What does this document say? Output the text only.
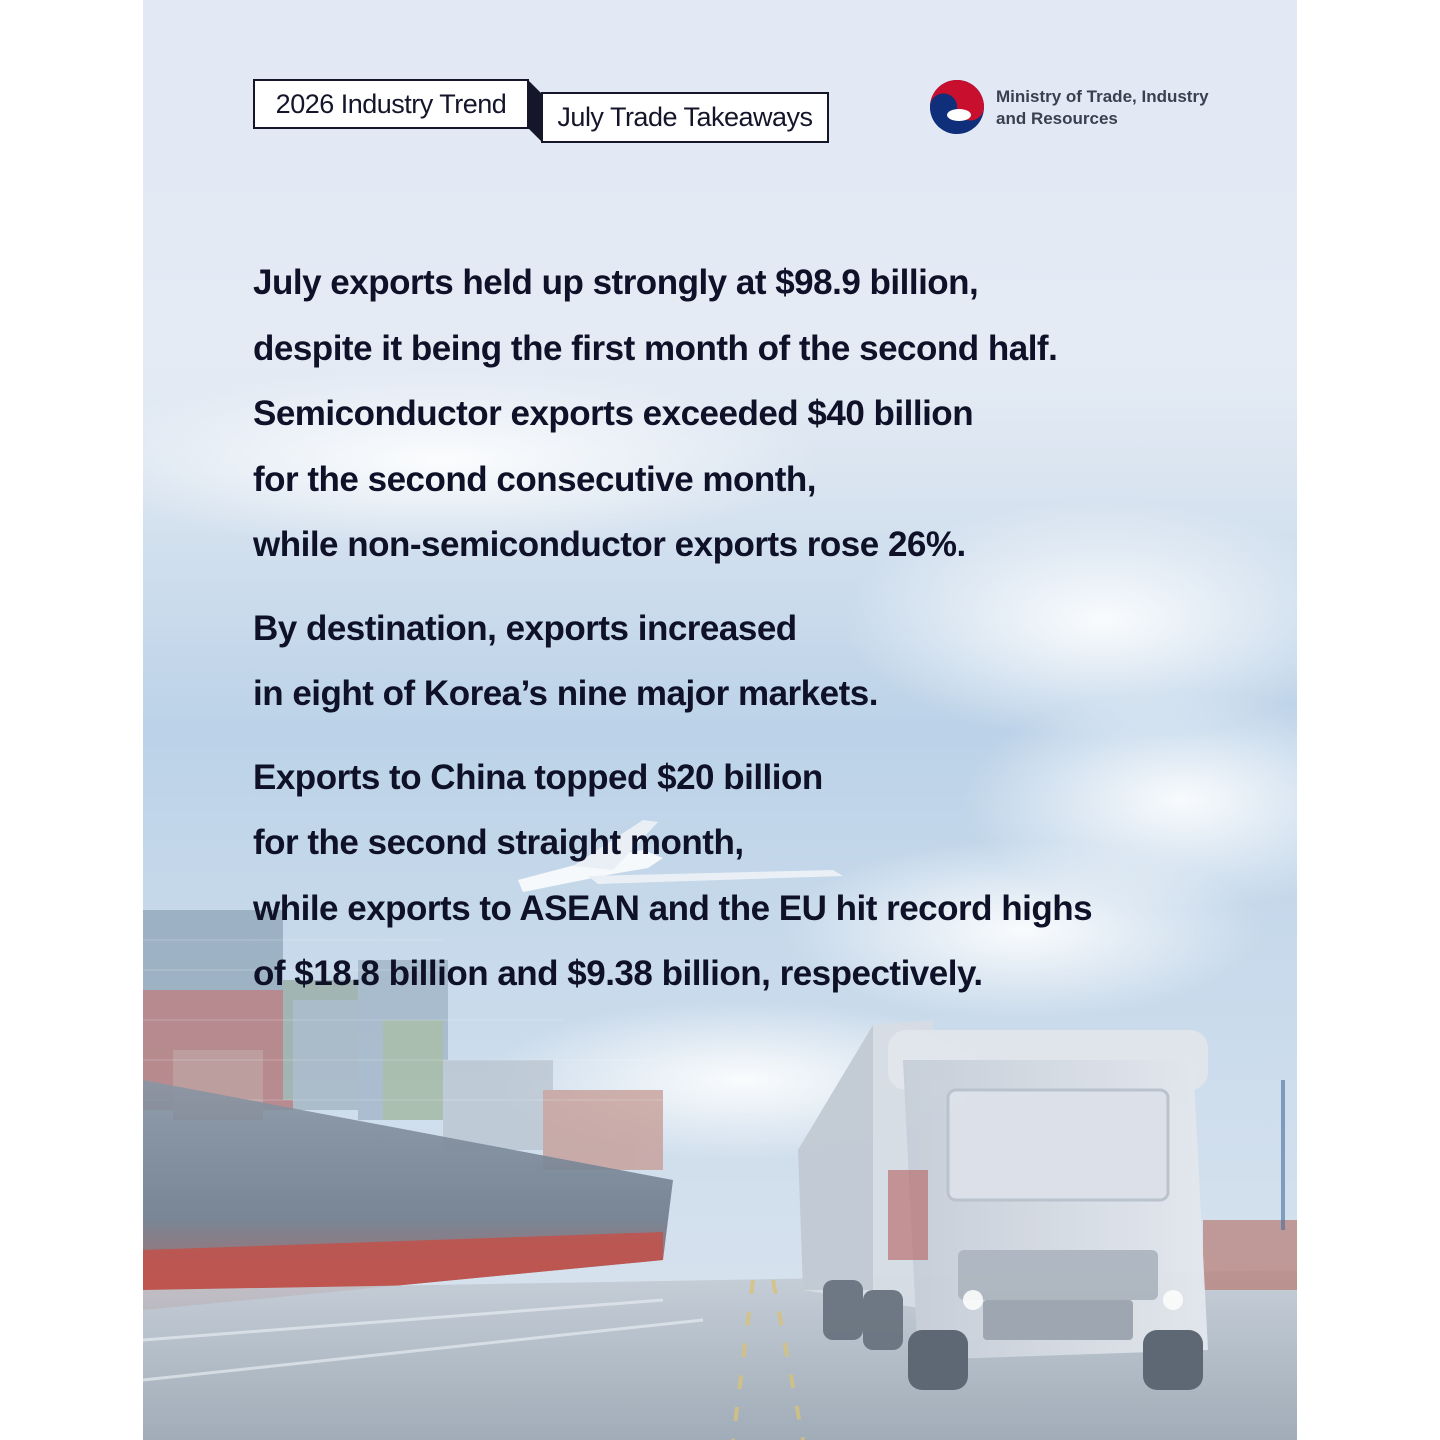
2026 Industry Trend	July Trade Takeaways
Ministry of Trade, Industry
and Resources

July exports held up strongly at $98.9 billion,
despite it being the first month of the second half.
Semiconductor exports exceeded $40 billion
for the second consecutive month,
while non-semiconductor exports rose 26%.

By destination, exports increased
in eight of Korea’s nine major markets.

Exports to China topped $20 billion
for the second straight month,
while exports to ASEAN and the EU hit record highs
of $18.8 billion and $9.38 billion, respectively.
